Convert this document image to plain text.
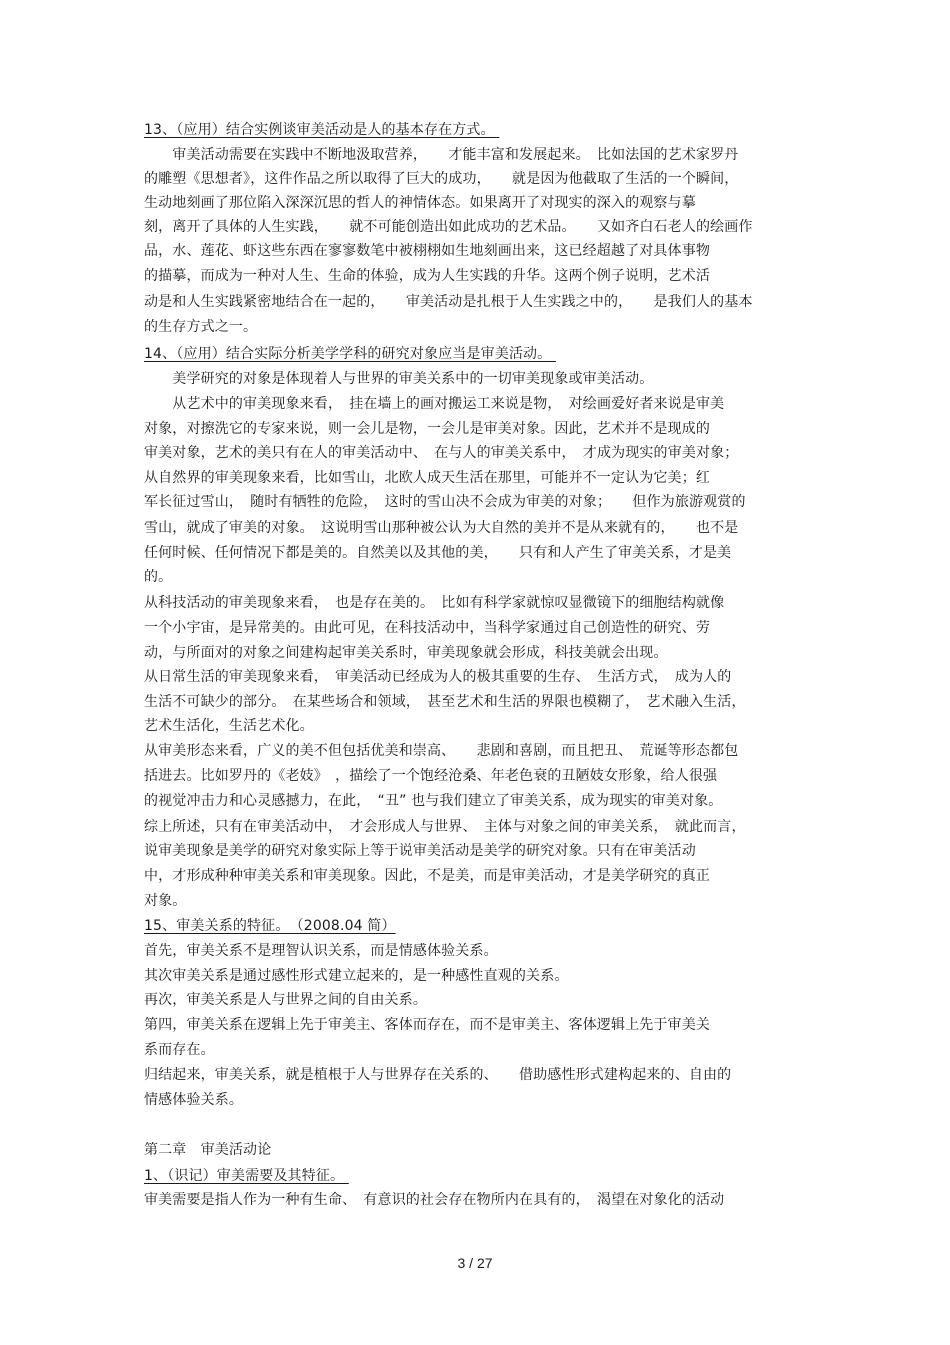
13、（应用）结合实例谈审美活动是人的基本存在方式。
　　审美活动需要在实践中不断地汲取营养，　　才能丰富和发展起来。　比如法国的艺术家罗丹
的雕塑《思想者》，这件作品之所以取得了巨大的成功，　　就是因为他截取了生活的一个瞬间，
生动地刻画了那位陷入深深沉思的哲人的神情体态。如果离开了对现实的深入的观察与摹
刻，离开了具体的人生实践，　　就不可能创造出如此成功的艺术品。　　又如齐白石老人的绘画作
品，水、莲花、虾这些东西在寥寥数笔中被栩栩如生地刻画出来，这已经超越了对具体事物
的描摹，而成为一种对人生、生命的体验，成为人生实践的升华。这两个例子说明，艺术活
动是和人生实践紧密地结合在一起的，　　审美活动是扎根于人生实践之中的，　　是我们人的基本
的生存方式之一。
14、（应用）结合实际分析美学学科的研究对象应当是审美活动。
　　美学研究的对象是体现着人与世界的审美关系中的一切审美现象或审美活动。
　　从艺术中的审美现象来看，　挂在墙上的画对搬运工来说是物，　对绘画爱好者来说是审美
对象，对擦洗它的专家来说，则一会儿是物，一会儿是审美对象。因此，艺术并不是现成的
审美对象，艺术的美只有在人的审美活动中、　在与人的审美关系中，　才成为现实的审美对象；
从自然界的审美现象来看，比如雪山，北欧人成天生活在那里，可能并不一定认为它美；红
军长征过雪山，　随时有牺牲的危险，　这时的雪山决不会成为审美的对象；　　但作为旅游观赏的
雪山，就成了审美的对象。　这说明雪山那种被公认为大自然的美并不是从来就有的，　　也不是
任何时候、任何情况下都是美的。自然美以及其他的美，　　只有和人产生了审美关系，才是美
的。
从科技活动的审美现象来看，　也是存在美的。　比如有科学家就惊叹显微镜下的细胞结构就像
一个小宇宙，是异常美的。由此可见，在科技活动中，当科学家通过自己创造性的研究、劳
动，与所面对的对象之间建构起审美关系时，审美现象就会形成，科技美就会出现。
从日常生活的审美现象来看，　审美活动已经成为人的极其重要的生存、　生活方式，　成为人的
生活不可缺少的部分。　在某些场合和领域，　甚至艺术和生活的界限也模糊了，　艺术融入生活，
艺术生活化，生活艺术化。
从审美形态来看，广义的美不但包括优美和崇高、　　悲剧和喜剧，而且把丑、　荒诞等形态都包
括进去。比如罗丹的《老妓》　，描绘了一个饱经沧桑、年老色衰的丑陋妓女形象，给人很强
的视觉冲击力和心灵感撼力，在此，　“丑” 也与我们建立了审美关系，成为现实的审美对象。
综上所述，只有在审美活动中，　才会形成人与世界、　主体与对象之间的审美关系，　就此而言，
说审美现象是美学的研究对象实际上等于说审美活动是美学的研究对象。只有在审美活动
中，才形成种种审美关系和审美现象。因此，不是美，而是审美活动，才是美学研究的真正
对象。
15、审美关系的特征。　（2008.04 简）
首先，审美关系不是理智认识关系，而是情感体验关系。
其次审美关系是通过感性形式建立起来的，是一种感性直观的关系。
再次，审美关系是人与世界之间的自由关系。
第四，审美关系在逻辑上先于审美主、客体而存在，而不是审美主、客体逻辑上先于审美关
系而存在。
归结起来，审美关系，就是植根于人与世界存在关系的、　　借助感性形式建构起来的、自由的
情感体验关系。
第二章　审美活动论
1、（识记）审美需要及其特征。
审美需要是指人作为一种有生命、　有意识的社会存在物所内在具有的，　渴望在对象化的活动
3 / 27
